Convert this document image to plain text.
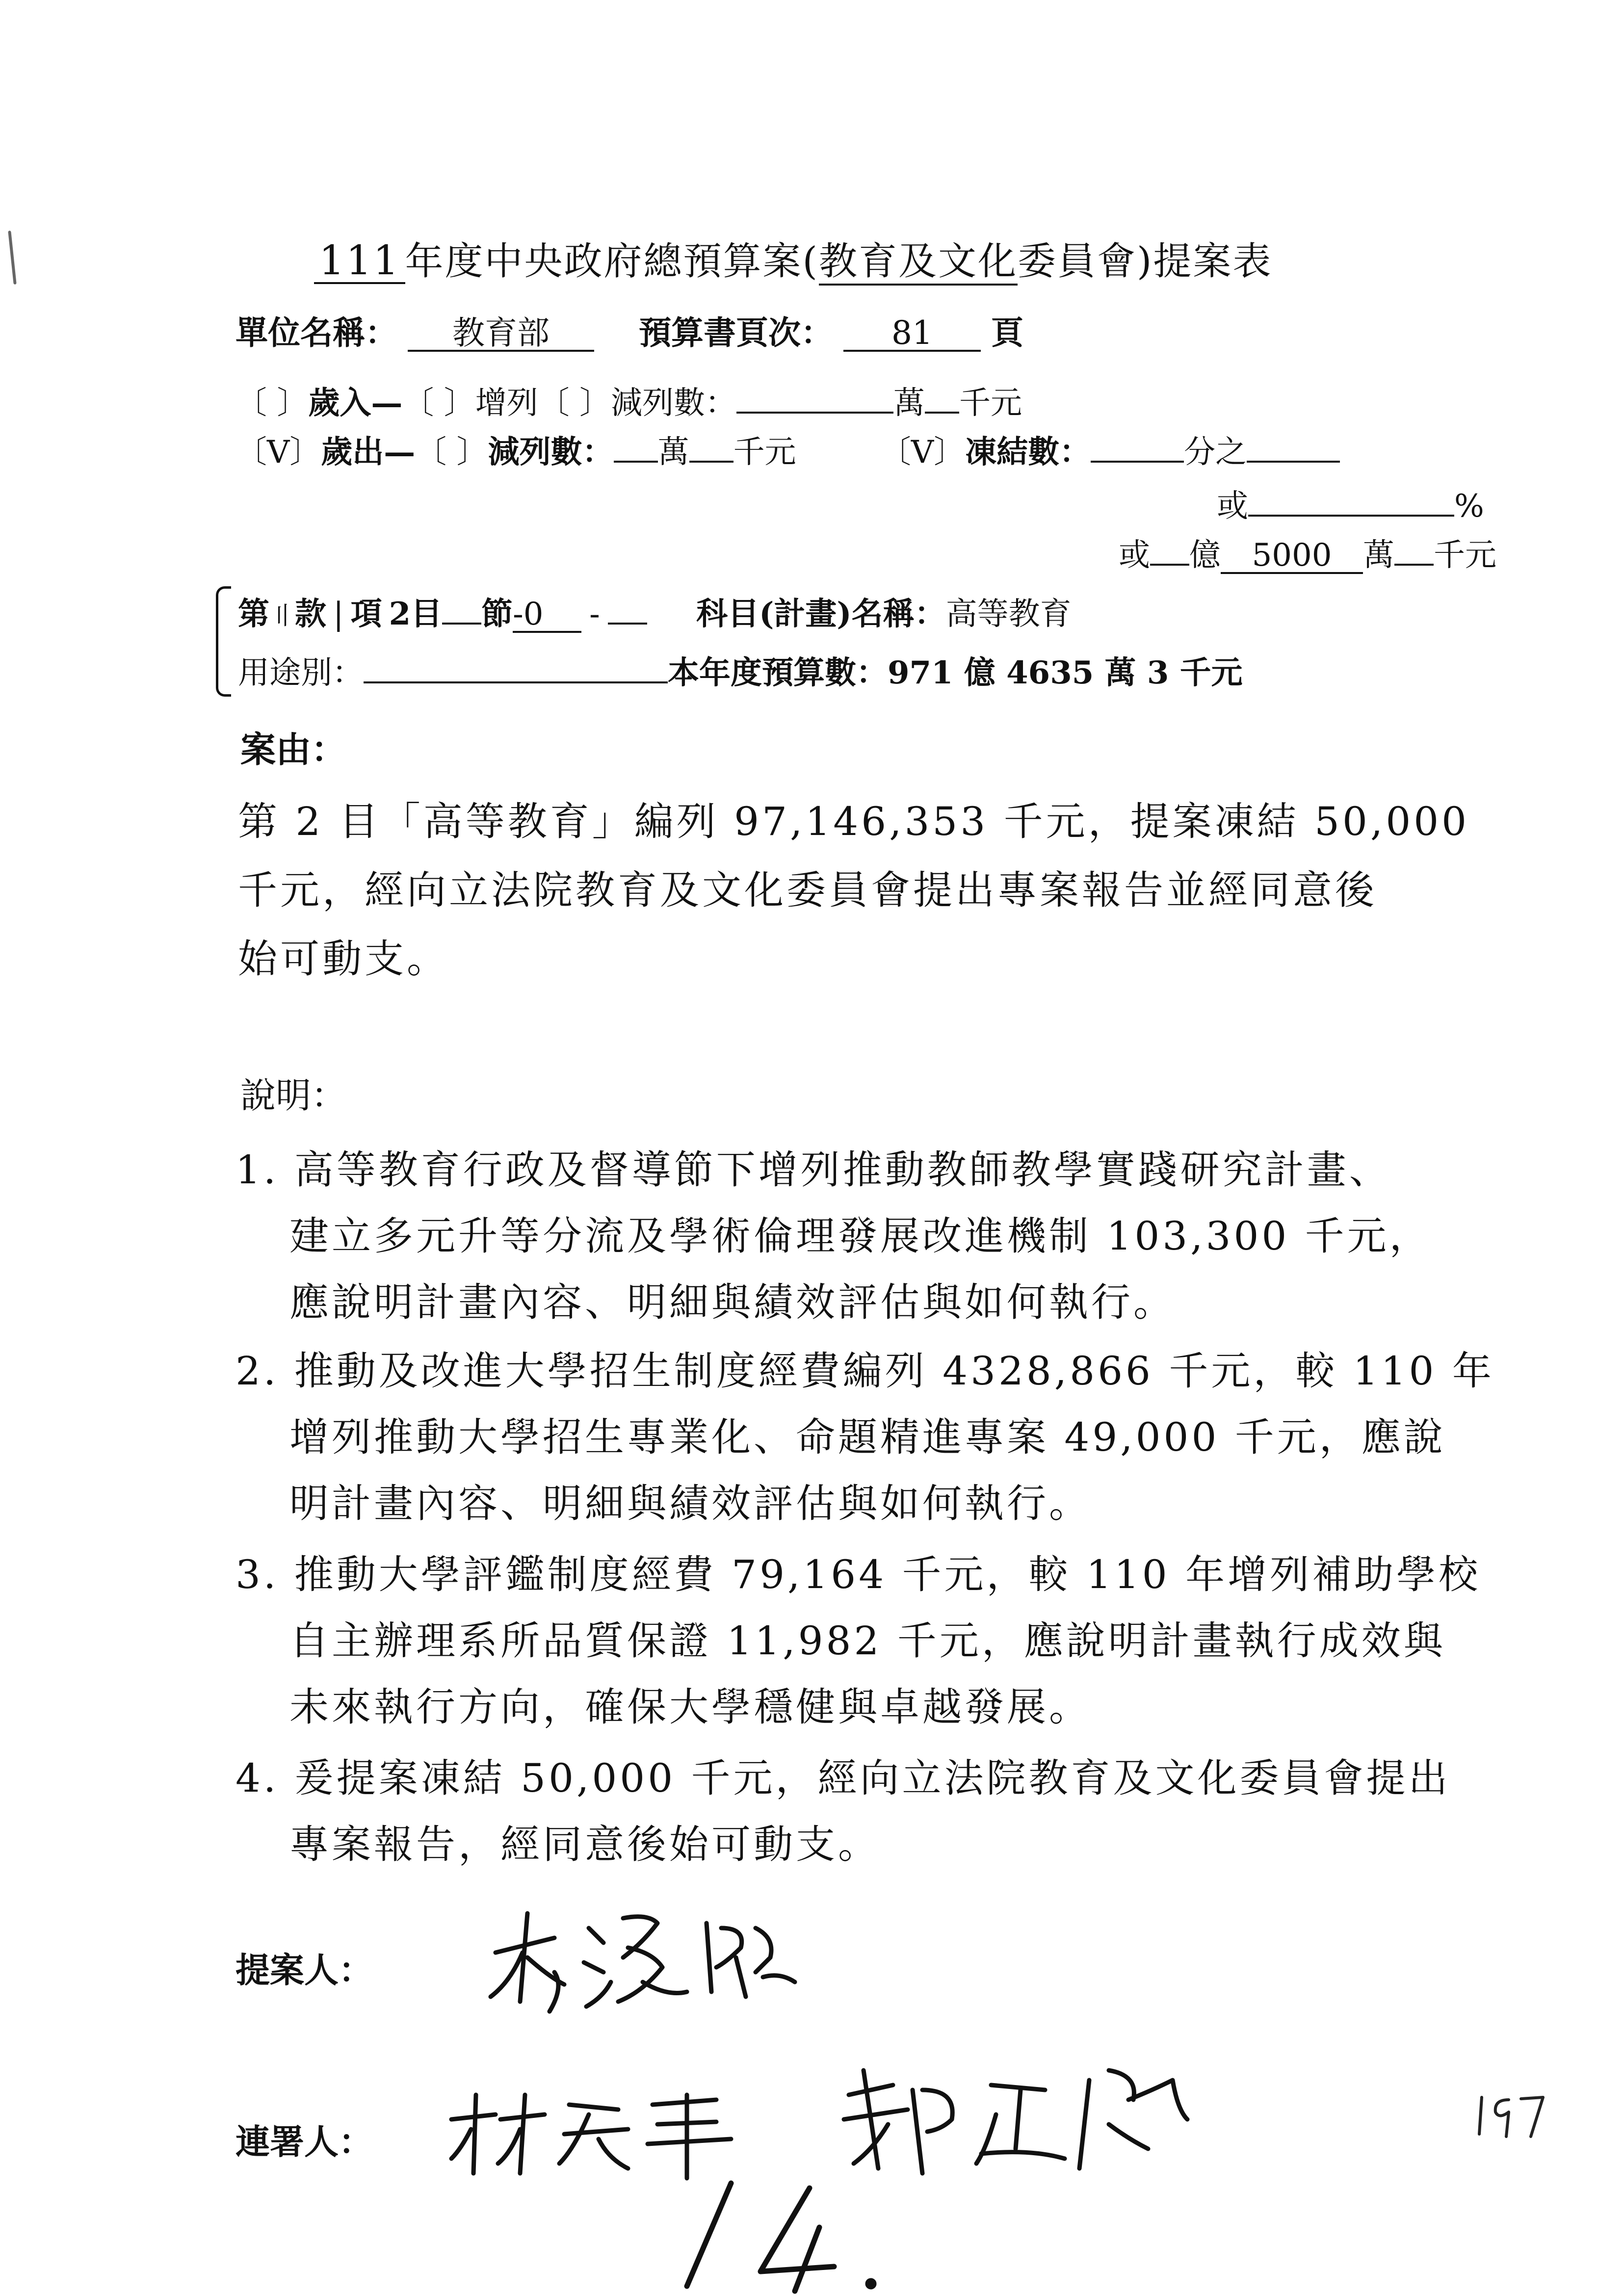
111 年度中央政府總預算案(教育及文化委員會)提案表
單位名稱： 教育部	預算書頁次： 81 頁
〔 〕歲入—〔 〕增列〔 〕減列數：	萬 千元
〔V〕歲出—〔 〕減列數： 萬 千元	〔V〕凍結數：	分之
或	%
或 億 5000 萬 千元
第〢款 | 項 2目 節-0 -	科目(計畫)名稱：高等教育
用途別：	本年度預算數：971 億 4635 萬 3 千元
案由：
第 2 目「高等教育」編列 97,146,353 千元，提案凍結 50,000
千元，經向立法院教育及文化委員會提出專案報告並經同意後
始可動支。
說明：
1. 高等教育行政及督導節下增列推動教師教學實踐研究計畫、
建立多元升等分流及學術倫理發展改進機制 103,300 千元，
應說明計畫內容、明細與績效評估與如何執行。
2. 推動及改進大學招生制度經費編列 4328,866 千元，較 110 年
增列推動大學招生專業化、命題精進專案 49,000 千元，應說
明計畫內容、明細與績效評估與如何執行。
3. 推動大學評鑑制度經費 79,164 千元，較 110 年增列補助學校
自主辦理系所品質保證 11,982 千元，應說明計畫執行成效與
未來執行方向，確保大學穩健與卓越發展。
4. 爰提案凍結 50,000 千元，經向立法院教育及文化委員會提出
專案報告，經同意後始可動支。
提案人：
連署人：
